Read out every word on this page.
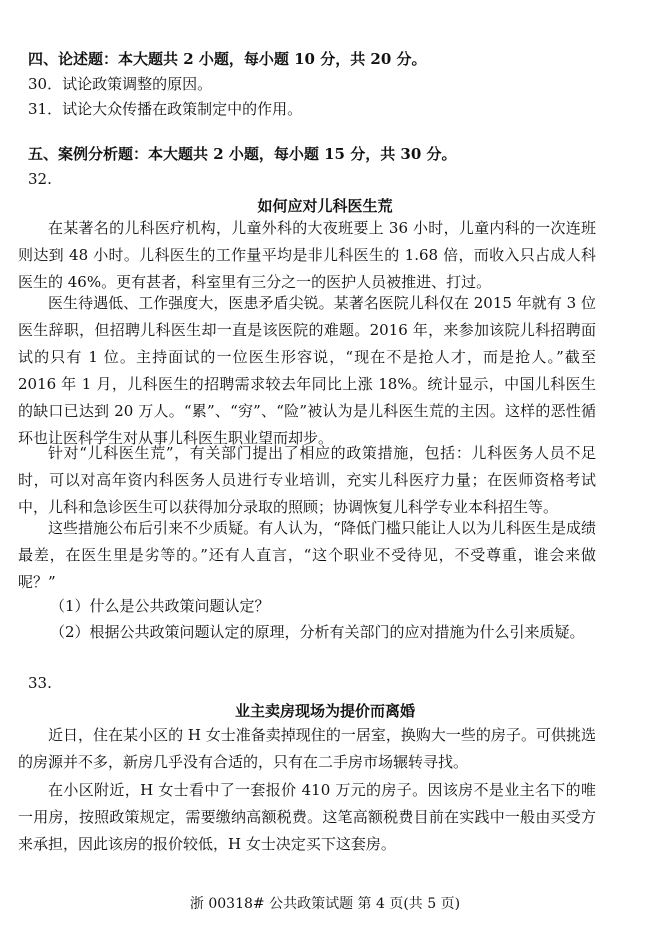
四、论述题：本大题共 2 小题，每小题 10 分，共 20 分。
30．试论政策调整的原因。
31．试论大众传播在政策制定中的作用。
五、案例分析题：本大题共 2 小题，每小题 15 分，共 30 分。
32.
如何应对儿科医生荒
在某著名的儿科医疗机构，儿童外科的大夜班要上 36 小时，儿童内科的一次连班则达到 48 小时。儿科医生的工作量平均是非儿科医生的 1.68 倍，而收入只占成人科医生的 46%。更有甚者，科室里有三分之一的医护人员被推进、打过。
医生待遇低、工作强度大，医患矛盾尖锐。某著名医院儿科仅在 2015 年就有 3 位医生辞职，但招聘儿科医生却一直是该医院的难题。2016 年，来参加该院儿科招聘面试的只有 1 位。主持面试的一位医生形容说，“现在不是抢人才，而是抢人。”截至 2016 年 1 月，儿科医生的招聘需求较去年同比上涨 18%。统计显示，中国儿科医生的缺口已达到 20 万人。“累”、“穷”、“险”被认为是儿科医生荒的主因。这样的恶性循环也让医科学生对从事儿科医生职业望而却步。
针对“儿科医生荒”，有关部门提出了相应的政策措施，包括：儿科医务人员不足时，可以对高年资内科医务人员进行专业培训，充实儿科医疗力量；在医师资格考试中，儿科和急诊医生可以获得加分录取的照顾；协调恢复儿科学专业本科招生等。
这些措施公布后引来不少质疑。有人认为，“降低门槛只能让人以为儿科医生是成绩最差，在医生里是劣等的。”还有人直言，“这个职业不受待见，不受尊重，谁会来做呢？”
（1）什么是公共政策问题认定？
（2）根据公共政策问题认定的原理，分析有关部门的应对措施为什么引来质疑。
33.
业主卖房现场为提价而离婚
近日，住在某小区的 H 女士准备卖掉现住的一居室，换购大一些的房子。可供挑选的房源并不多，新房几乎没有合适的，只有在二手房市场辗转寻找。
在小区附近，H 女士看中了一套报价 410 万元的房子。因该房不是业主名下的唯一用房，按照政策规定，需要缴纳高额税费。这笔高额税费目前在实践中一般由买受方来承担，因此该房的报价较低，H 女士决定买下这套房。
浙 00318# 公共政策试题 第 4 页(共 5 页)
